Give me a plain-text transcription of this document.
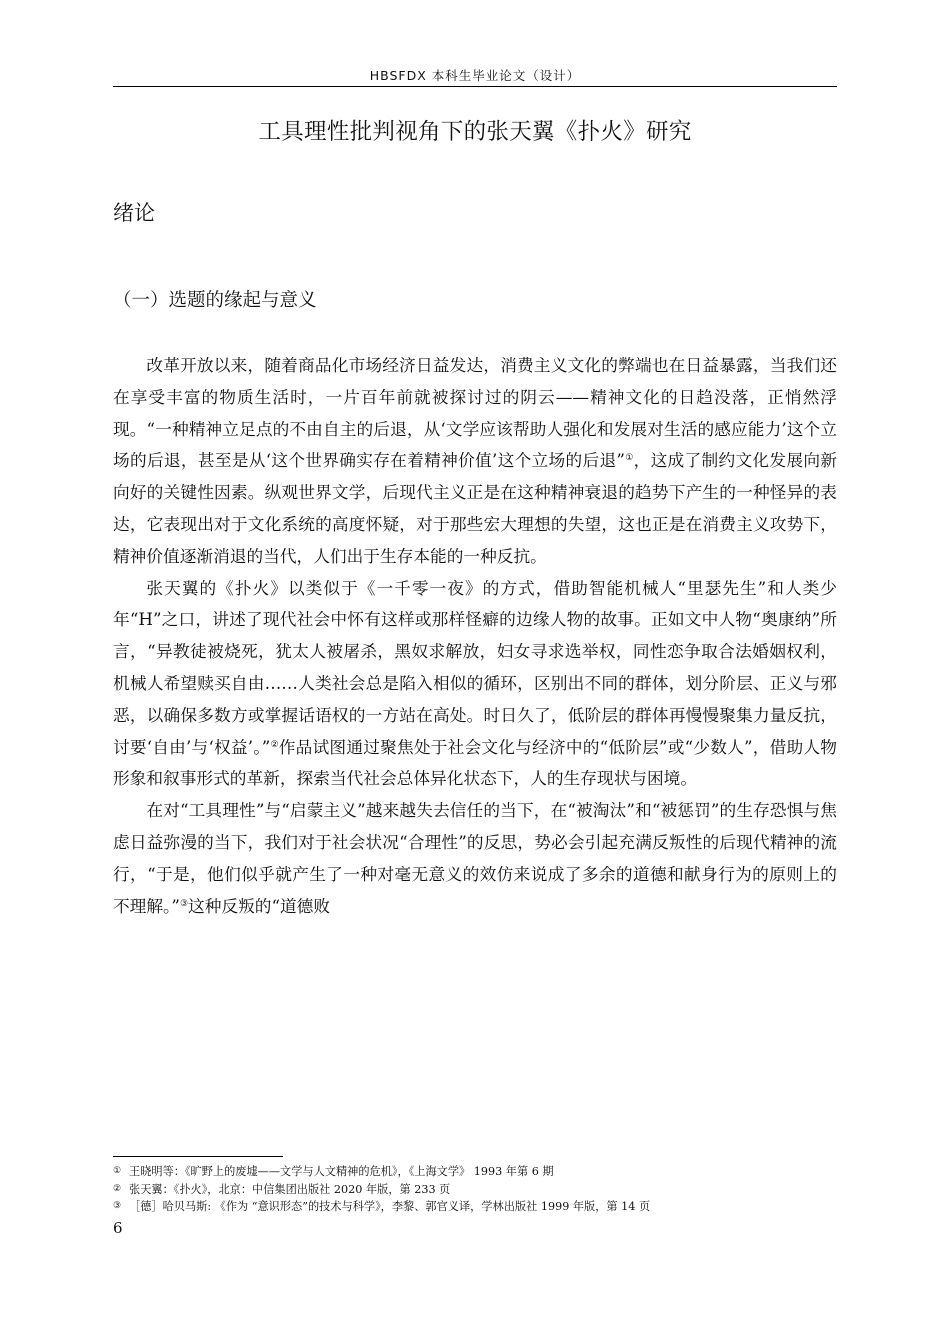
HBSFDX 本科生毕业论文（设计）
工具理性批判视角下的张天翼《扑火》研究
绪论
（一）选题的缘起与意义

改革开放以来，随着商品化市场经济日益发达，消费主义文化的弊端也在日益暴露，当我们还在享受丰富的物质生活时，一片百年前就被探讨过的阴云——精神文化的日趋没落，正悄然浮现。“一种精神立足点的不由自主的后退，从‘文学应该帮助人强化和发展对生活的感应能力’这个立场的后退，甚至是从‘这个世界确实存在着精神价值’这个立场的后退”①，这成了制约文化发展向新向好的关键性因素。纵观世界文学，后现代主义正是在这种精神衰退的趋势下产生的一种怪异的表达，它表现出对于文化系统的高度怀疑，对于那些宏大理想的失望，这也正是在消费主义攻势下，精神价值逐渐消退的当代，人们出于生存本能的一种反抗。

张天翼的《扑火》以类似于《一千零一夜》的方式，借助智能机械人“里瑟先生”和人类少年“H”之口，讲述了现代社会中怀有这样或那样怪癖的边缘人物的故事。正如文中人物“奥康纳”所言，“异教徒被烧死，犹太人被屠杀，黑奴求解放，妇女寻求选举权，同性恋争取合法婚姻权利，机械人希望赎买自由……人类社会总是陷入相似的循环，区别出不同的群体，划分阶层、正义与邪恶，以确保多数方或掌握话语权的一方站在高处。时日久了，低阶层的群体再慢慢聚集力量反抗，讨要‘自由’与‘权益’。”②作品试图通过聚焦处于社会文化与经济中的“低阶层”或“少数人”，借助人物形象和叙事形式的革新，探索当代社会总体异化状态下，人的生存现状与困境。

在对“工具理性”与“启蒙主义”越来越失去信任的当下，在“被淘汰”和“被惩罚”的生存恐惧与焦虑日益弥漫的当下，我们对于社会状况“合理性”的反思，势必会引起充满反叛性的后现代精神的流行，“于是，他们似乎就产生了一种对毫无意义的效仿来说成了多余的道德和献身行为的原则上的不理解。”③这种反叛的“道德败

① 王晓明等：《旷野上的废墟——文学与人文精神的危机》，《上海文学》 1993 年第 6 期
② 张天翼：《扑火》，北京：中信集团出版社 2020 年版，第 233 页
③ ［德］哈贝马斯: 《作为 “意识形态”的技术与科学》，李黎、郭官义译，学林出版社 1999 年版，第 14 页
6
